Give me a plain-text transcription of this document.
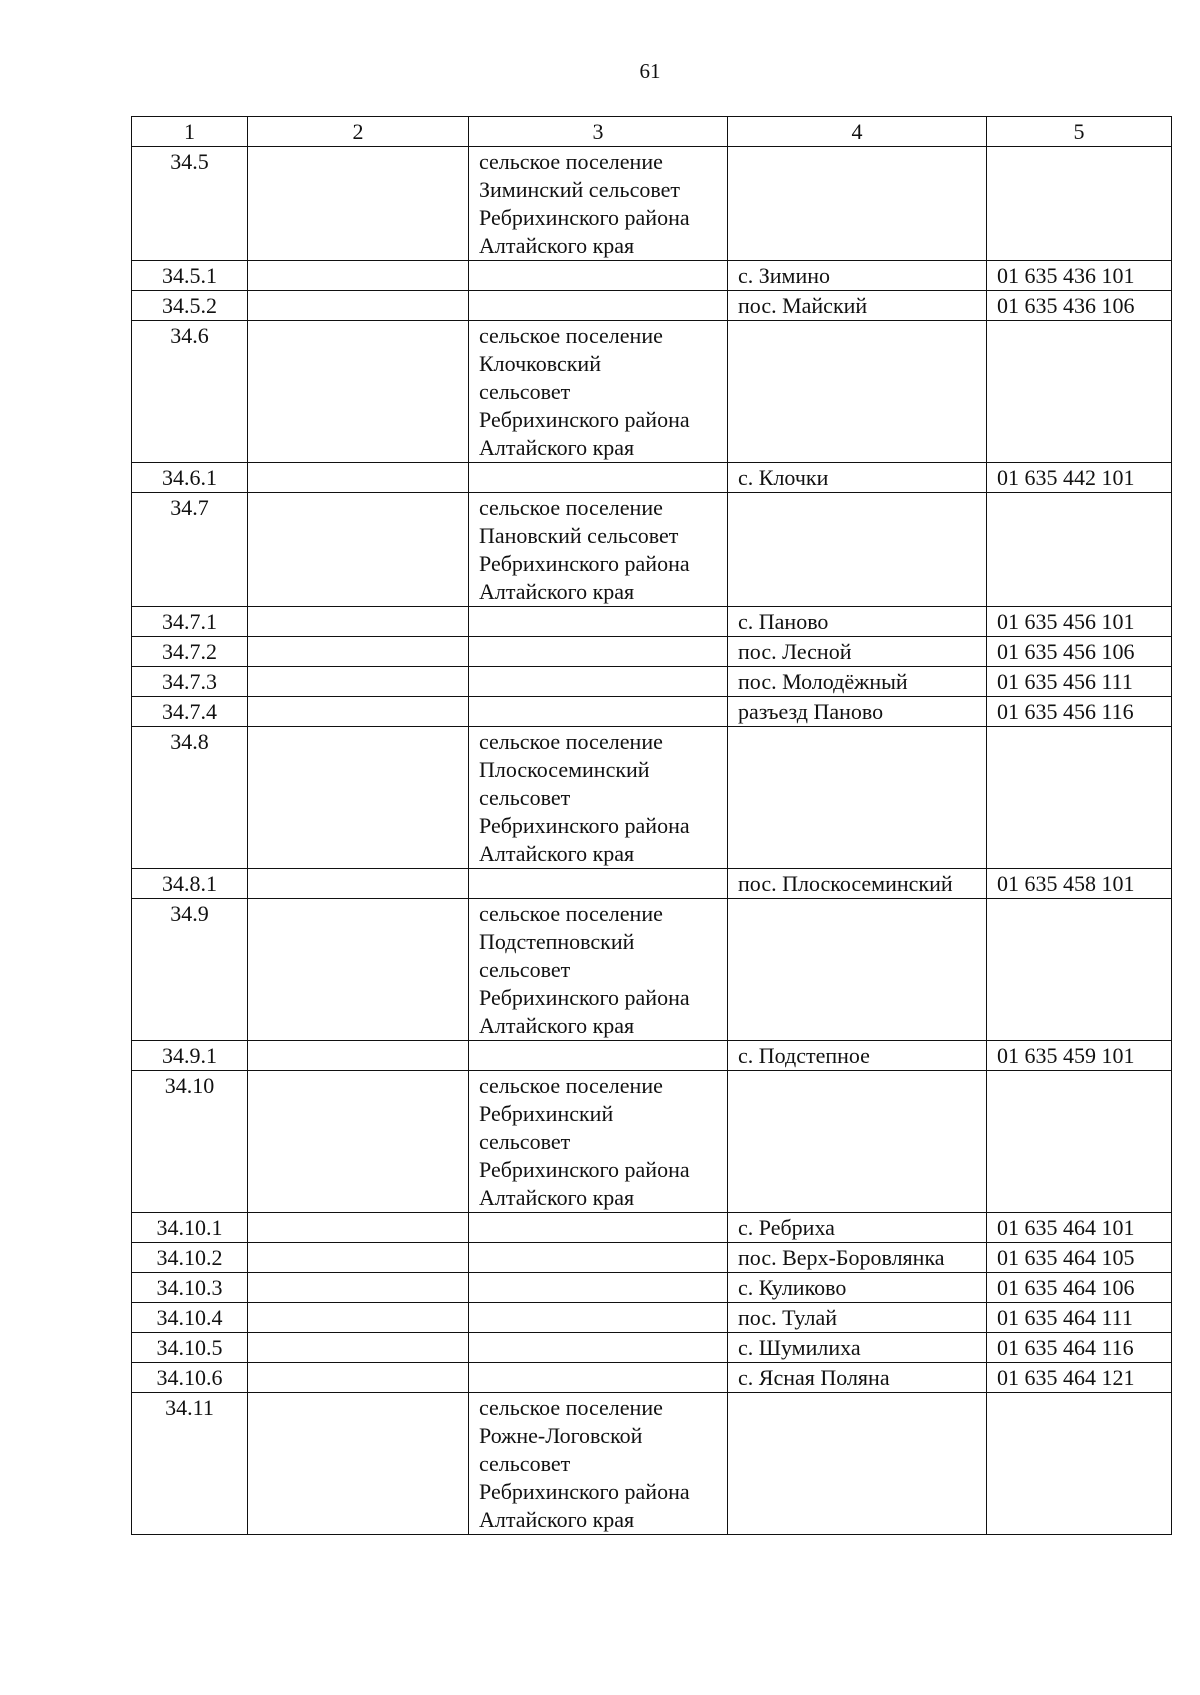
61
1	2	3	4	5
34.5		сельское поселение
Зиминский сельсовет
Ребрихинского района
Алтайского края		

34.5.1			с. Зимино	01 635 436 101
34.5.2			пос. Майский	01 635 436 106
34.6		сельское поселение
Клочковский
сельсовет
Ребрихинского района
Алтайского края		

34.6.1			с. Клочки	01 635 442 101
34.7		сельское поселение
Пановский сельсовет
Ребрихинского района
Алтайского края		

34.7.1			с. Паново	01 635 456 101
34.7.2			пос. Лесной	01 635 456 106
34.7.3			пос. Молодёжный	01 635 456 111
34.7.4			разъезд Паново	01 635 456 116
34.8		сельское поселение
Плоскосеминский
сельсовет
Ребрихинского района
Алтайского края		

34.8.1			пос. Плоскосеминский	01 635 458 101
34.9		сельское поселение
Подстепновский
сельсовет
Ребрихинского района
Алтайского края		

34.9.1			с. Подстепное	01 635 459 101
34.10		сельское поселение
Ребрихинский
сельсовет
Ребрихинского района
Алтайского края		

34.10.1			с. Ребриха	01 635 464 101
34.10.2			пос. Верх-Боровлянка	01 635 464 105
34.10.3			с. Куликово	01 635 464 106
34.10.4			пос. Тулай	01 635 464 111
34.10.5			с. Шумилиха	01 635 464 116
34.10.6			с. Ясная Поляна	01 635 464 121
34.11		сельское поселение
Рожне-Логовской
сельсовет
Ребрихинского района
Алтайского края		
